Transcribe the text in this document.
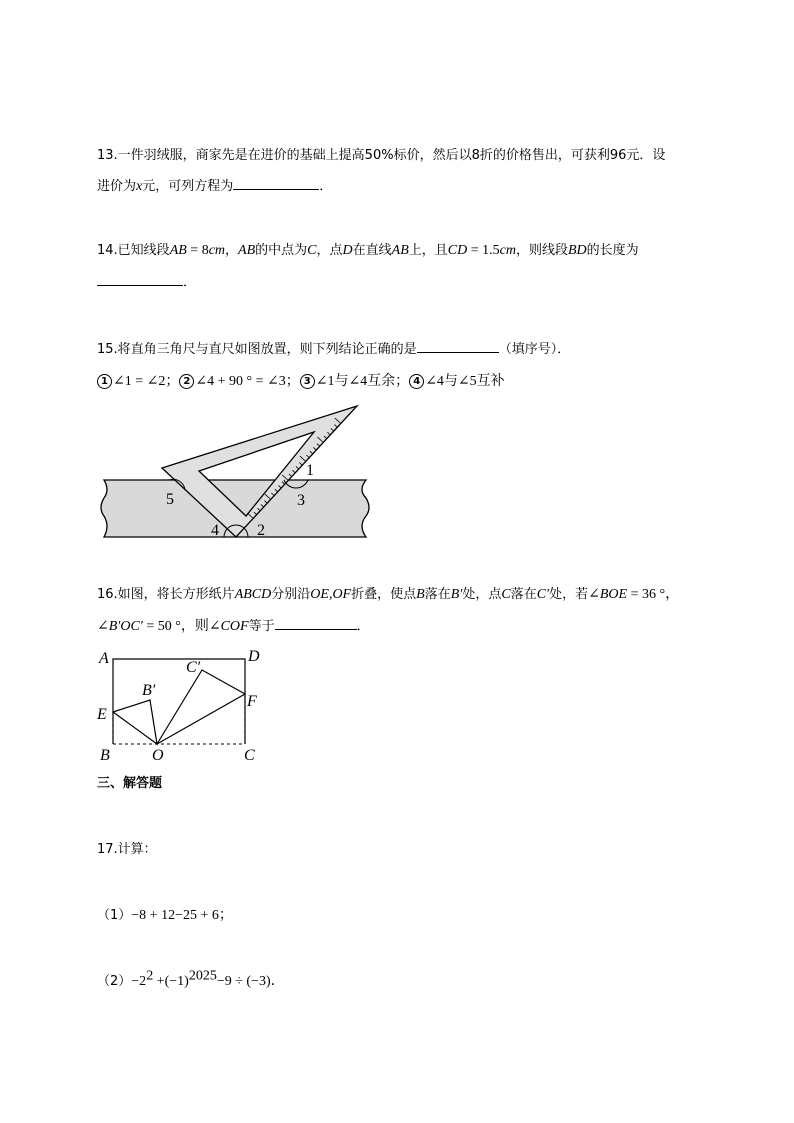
13.一件羽绒服，商家先是在进价的基础上提高50%标价，然后以8折的价格售出，可获利96元．设
进价为x元，可列方程为	．
14.已知线段AB = 8cm，AB的中点为C，点D在直线AB上，且CD = 1.5cm，则线段BD的长度为
．
15.将直角三角尺与直尺如图放置，则下列结论正确的是	（填序号）．
1 ∠1 = ∠2； 2 ∠4 + 90 ° = ∠3； 3 ∠1与∠4互余； 4 ∠4与∠5互补
1
2
3
4
5
16.如图，将长方形纸片ABCD分别沿OE,OF折叠，使点B落在B′处，点C落在C′处，若∠BOE = 36 °，
∠B′OC′ = 50 °，则∠COF等于	．
A	D
C′
B′
E
F
B	O	C
三、解答题
17.计算：
（1）−8 + 12−25 + 6；
$(2)-2^2 +(-1)^{2025}-9 \div (-3)$．
